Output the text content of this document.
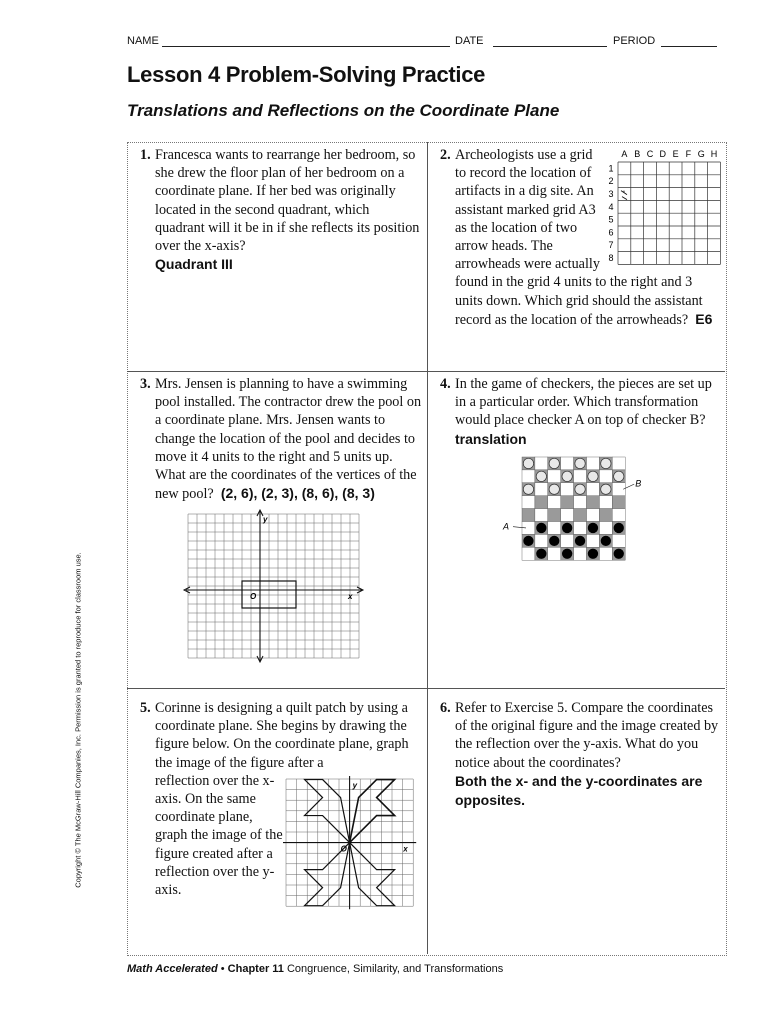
NAME	DATE	PERIOD
Lesson 4 Problem-Solving Practice
Translations and Reflections on the Coordinate Plane
1. Francesca wants to rearrange her bedroom, so she drew the floor plan of her bedroom on a coordinate plane. If her bed was originally located in the second quadrant, which quadrant will it be in if she reflects its position over the x-axis?
Quadrant III
2. Archeologists use a grid to record the location of artifacts in a dig site. An assistant marked grid A3 as the location of two arrow heads. The arrowheads were actually found in the grid 4 units to the right and 3 units down. Which grid should the assistant record as the location of the arrowheads? E6
A B C D E F G H
1
2
3
4
5
6
7
8
3. Mrs. Jensen is planning to have a swimming pool installed. The contractor drew the pool on a coordinate plane. Mrs. Jensen wants to change the location of the pool and decides to move it 4 units to the right and 5 units up. What are the coordinates of the vertices of the new pool? (2, 6), (2, 3), (8, 6), (8, 3)
y
x
O
4. In the game of checkers, the pieces are set up in a particular order. Which transformation would place checker A on top of checker B?
translation
B
A
5. Corinne is designing a quilt patch by using a coordinate plane. She begins by drawing the figure below. On the coordinate plane, graph the image of the figure after a
reflection over the x-axis. On the same coordinate plane, graph the image of the figure created after a reflection over the y-axis.
y
x
O
6. Refer to Exercise 5. Compare the coordinates of the original figure and the image created by the reflection over the y-axis. What do you notice about the coordinates?
Both the x- and the y-coordinates are opposites.
Copyright © The McGraw-Hill Companies, Inc. Permission is granted to reproduce for classroom use.
Math Accelerated • Chapter 11 Congruence, Similarity, and Transformations
